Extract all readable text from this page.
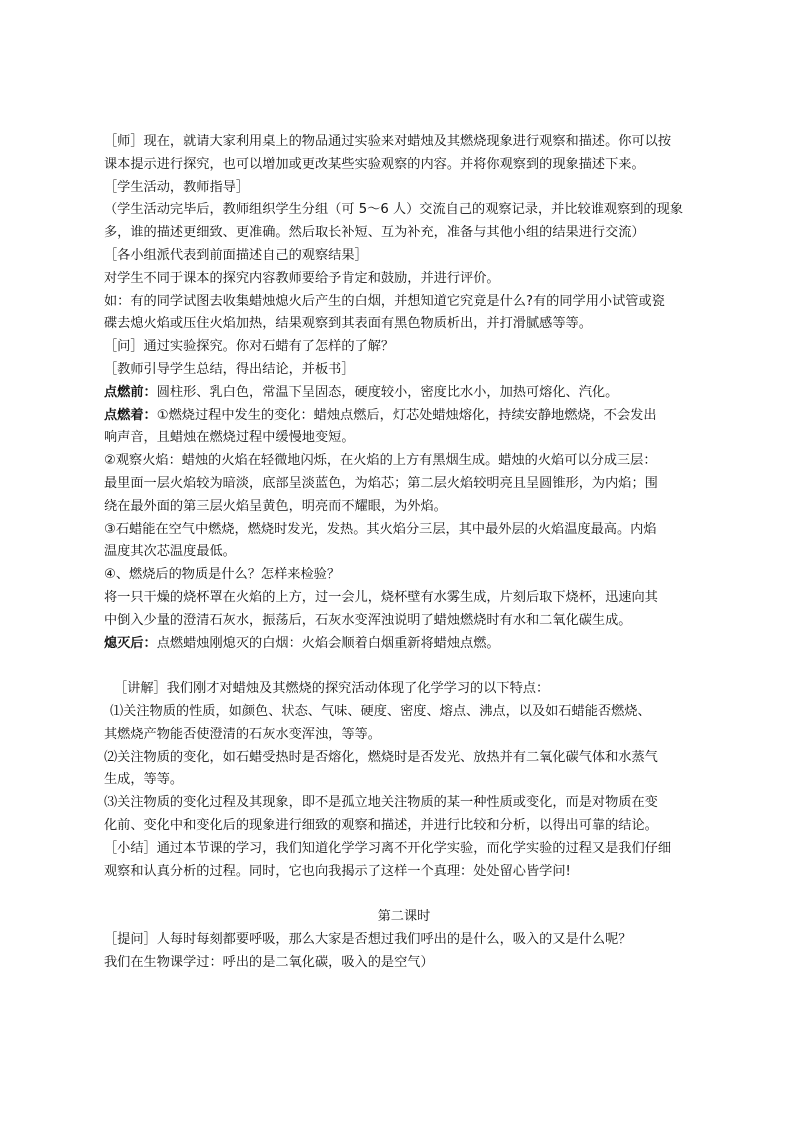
［师］现在，就请大家利用桌上的物品通过实验来对蜡烛及其燃烧现象进行观察和描述。你可以按
课本提示进行探究，也可以增加或更改某些实验观察的内容。并将你观察到的现象描述下来。
［学生活动，教师指导］
（学生活动完毕后，教师组织学生分组（可 5～6 人）交流自己的观察记录，并比较谁观察到的现象
多，谁的描述更细致、更准确。然后取长补短、互为补充，准备与其他小组的结果进行交流）
［各小组派代表到前面描述自己的观察结果］
对学生不同于课本的探究内容教师要给予肯定和鼓励，并进行评价。
如：有的同学试图去收集蜡烛熄火后产生的白烟，并想知道它究竟是什么?有的同学用小试管或瓷
碟去熄火焰或压住火焰加热，结果观察到其表面有黑色物质析出，并打滑腻感等等。
［问］通过实验探究。你对石蜡有了怎样的了解？
［教师引导学生总结，得出结论，并板书］
点燃前：圆柱形、乳白色，常温下呈固态，硬度较小，密度比水小，加热可熔化、汽化。
点燃着：①燃烧过程中发生的变化：蜡烛点燃后，灯芯处蜡烛熔化，持续安静地燃烧，不会发出
响声音，且蜡烛在燃烧过程中缓慢地变短。
②观察火焰：蜡烛的火焰在轻微地闪烁，在火焰的上方有黑烟生成。蜡烛的火焰可以分成三层：
最里面一层火焰较为暗淡，底部呈淡蓝色，为焰芯；第二层火焰较明亮且呈圆锥形，为内焰；围
绕在最外面的第三层火焰呈黄色，明亮而不耀眼，为外焰。
③石蜡能在空气中燃烧，燃烧时发光，发热。其火焰分三层，其中最外层的火焰温度最高。内焰
温度其次芯温度最低。
④、燃烧后的物质是什么？怎样来检验？
将一只干燥的烧杯罩在火焰的上方，过一会儿，烧杯壁有水雾生成，片刻后取下烧杯，迅速向其
中倒入少量的澄清石灰水，振荡后，石灰水变浑浊说明了蜡烛燃烧时有水和二氧化碳生成。
熄灭后：点燃蜡烛刚熄灭的白烟：火焰会顺着白烟重新将蜡烛点燃。
［讲解］我们刚才对蜡烛及其燃烧的探究活动体现了化学学习的以下特点：
⑴关注物质的性质，如颜色、状态、气味、硬度、密度、熔点、沸点，以及如石蜡能否燃烧、
其燃烧产物能否使澄清的石灰水变浑浊，等等。
⑵关注物质的变化，如石蜡受热时是否熔化，燃烧时是否发光、放热并有二氧化碳气体和水蒸气
生成，等等。
⑶关注物质的变化过程及其现象，即不是孤立地关注物质的某一种性质或变化，而是对物质在变
化前、变化中和变化后的现象进行细致的观察和描述，并进行比较和分析，以得出可靠的结论。
［小结］通过本节课的学习，我们知道化学学习离不开化学实验，而化学实验的过程又是我们仔细
观察和认真分析的过程。同时，它也向我揭示了这样一个真理：处处留心皆学问!
第二课时
［提问］人每时每刻都要呼吸，那么大家是否想过我们呼出的是什么，吸入的又是什么呢？
我们在生物课学过：呼出的是二氧化碳，吸入的是空气）
